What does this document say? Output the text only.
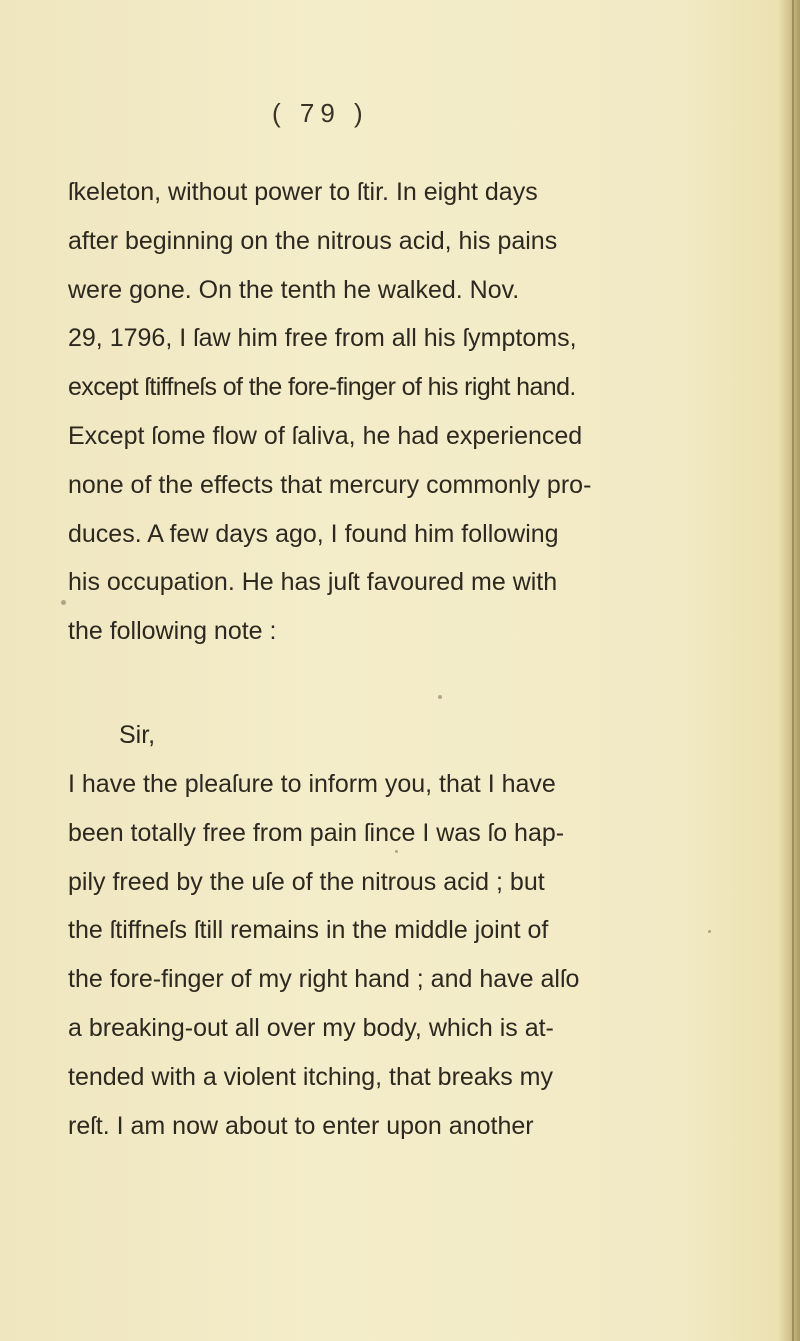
( 79 )
ſkeleton, without power to ſtir. In eight days
after beginning on the nitrous acid, his pains
were gone. On the tenth he walked. Nov.
29, 1796, I ſaw him free from all his ſymptoms,
except ſtiffneſs of the fore-finger of his right hand.
Except ſome flow of ſaliva, he had experienced
none of the effects that mercury commonly pro-
duces. A few days ago, I found him following
his occupation. He has juſt favoured me with
the following note :
Sir,
I have the pleaſure to inform you, that I have
been totally free from pain ſince I was ſo hap-
pily freed by the uſe of the nitrous acid ; but
the ſtiffneſs ſtill remains in the middle joint of
the fore-finger of my right hand ; and have alſo
a breaking-out all over my body, which is at-
tended with a violent itching, that breaks my
reſt. I am now about to enter upon another
